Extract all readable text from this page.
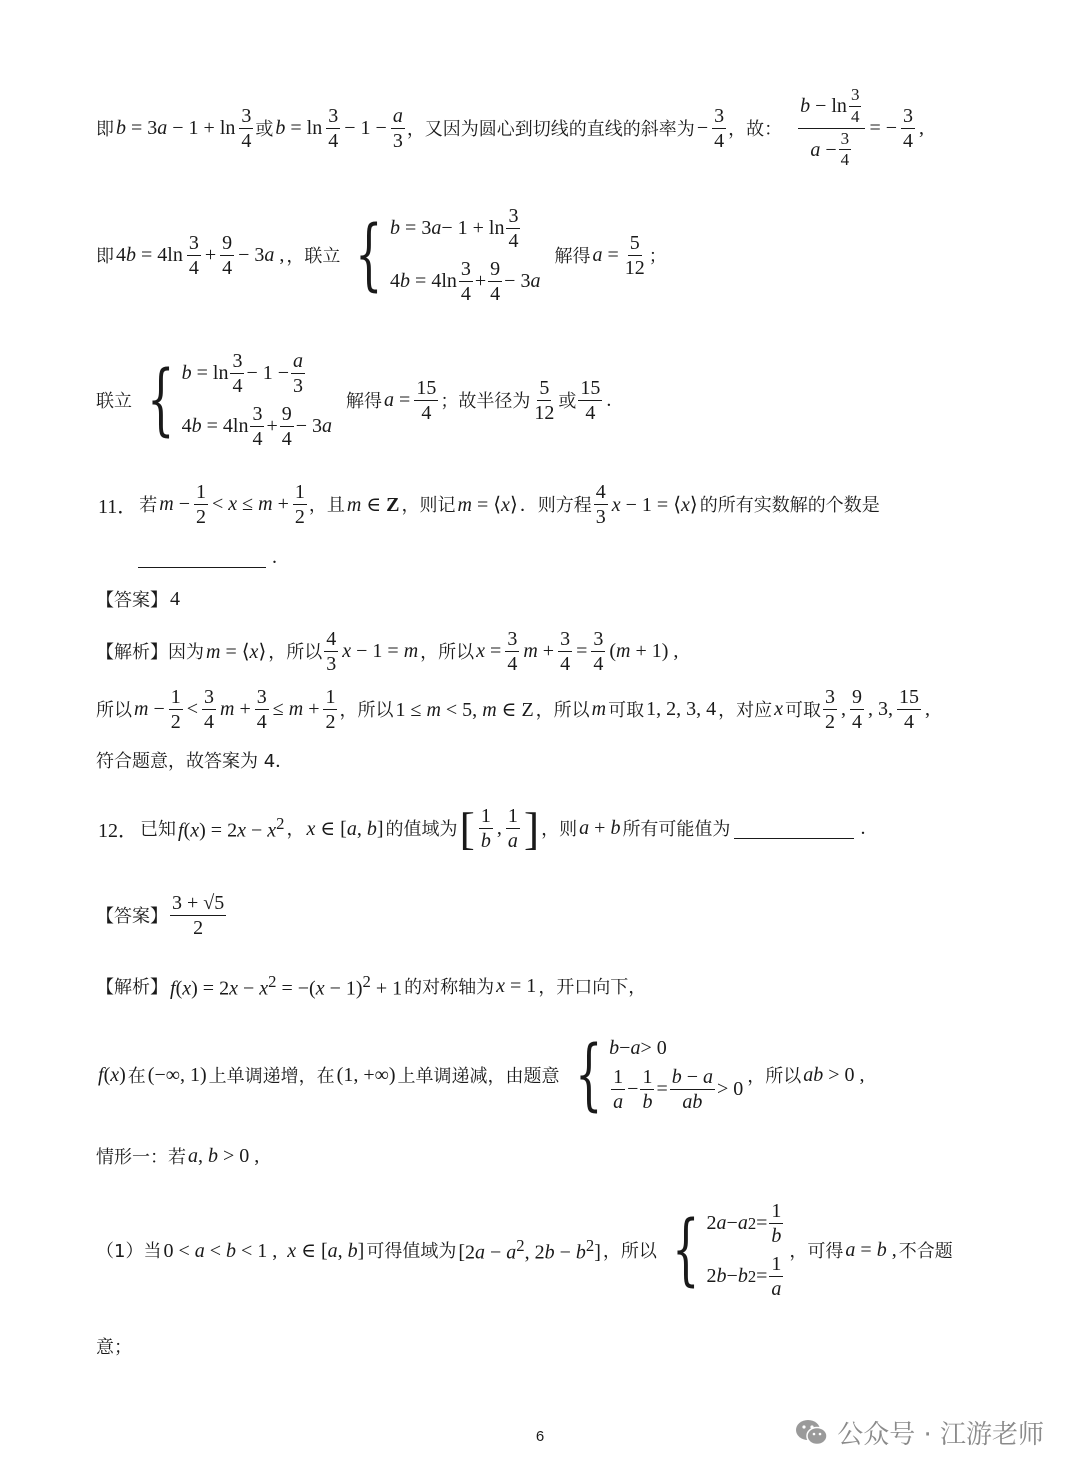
即 $b = 3a - 1 + \ln \frac{3}{4}$ 或 $b = \ln \frac{3}{4} - 1 - \frac{a}{3}$ ，又因为圆心到切线的直线的斜率为 − $\frac{3}{4}$ ，故： $\frac{b - \ln \frac{3}{4}}{a - \frac{3}{4}}$ = − $\frac{3}{4}$ ,
即 $4b = 4\ln \frac{3}{4} + \frac{9}{4} - 3a$ , ，联立 { b = 3 $a - 1 + \ln \frac{3}{4}$
4 $b = 4\ln \frac{3}{4} + \frac{9}{4} - 3$ a
解得 $a = \frac{5}{12}$ ；
联立 { $b = \ln \frac{3}{4} - 1 - \frac{a}{3}$
4 $b = 4\ln \frac{3}{4} + \frac{9}{4} - 3$ a
解得 $a = \frac{15}{4}$ ；故半径为 $\frac{5}{12}$ 或 $\frac{15}{4}$ .
11． 若 $m - \frac{1}{2} < x \le m + \frac{1}{2}$ ，且 m ∈ Z ，则记 m = ⟨x⟩ ．则方程 $\frac{4}{3}$ x − 1 = ⟨x⟩ 的所有实数解的个数是
.
【答案】 4
【解析】 因为 m = ⟨x⟩ ，所以 $\frac{4}{3}$ x − 1 = m ，所以 $x = \frac{3}{4}$ $m + \frac{3}{4} = \frac{3}{4} (m + 1)$ ,
所以 $m - \frac{1}{2} < \frac{3}{4}$ $m + \frac{3}{4} \le m + \frac{1}{2}$ ，所以 1 ≤ m < 5, m ∈ Z ，所以 m 可取 1, 2, 3, 4 ，对应 x 可取 $\frac{3}{2}$ , $\frac{9}{4}$ , 3, $\frac{15}{4}$ ,
符合题意，故答案为 4．
12． 已知 $f(x) = 2x - x^2$ ， x ∈ [a, b] 的值域为 [ $\frac{1}{b}$ , $\frac{1}{a}$ ] ，则 a + b 所有可能值为	.
【答案】 $\frac{3 + √5}{2}$
【解析】 $f(x) = 2x - x^2 = -(x - 1)^2 + 1$ 的对称轴为 x = 1 ，开口向下，
f(x) 在 (−∞, 1) 上单调递增，在 (1, +∞) 上单调递减，由题意 { b − a > 0
$\frac{1}{a} - \frac{1}{b} = \frac{b - a}{ab} > 0$
，所以 ab > 0 ,
情形一：若 a, b > 0 ,
（1）当 0 < a < b < 1 ,  x ∈ [a, b] 可得值域为 [$2a - a^2$, $2b - b^2$] ，所以 { 2 a − a $2 = \frac{1}{b}$
2 b − b $2 = \frac{1}{a}$
，可得 a = b , 不合题
意；
6	公众号 · 江游老师
